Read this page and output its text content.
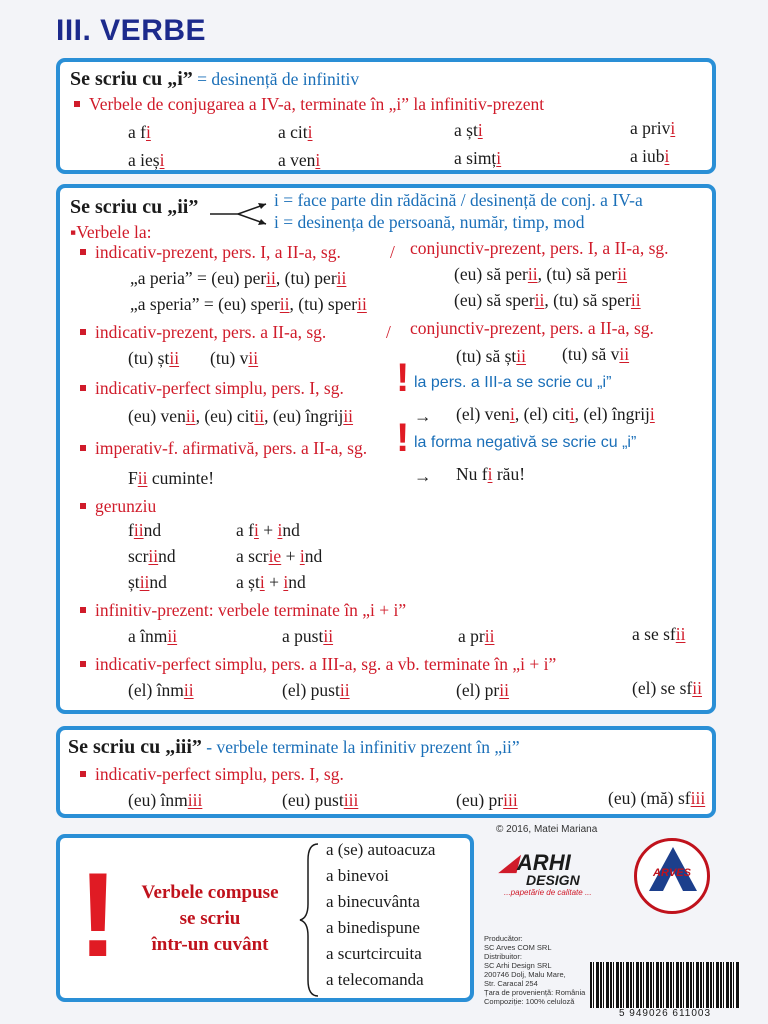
III. VERBE
Se scriu cu „i” = desinență de infinitiv
Verbele de conjugarea a IV-a, terminate în „i” la infinitiv-prezent
a fi	a citi	a ști	a privi
a ieși	a veni	a simți	a iubi
Se scriu cu „ii”	i = face parte din rădăcină / desinență de conj. a IV-a
i = desinența de persoană, număr, timp, mod
▪Verbele la:
indicativ-prezent, pers. I, a II-a, sg.	/ conjunctiv-prezent, pers. I, a II-a, sg.
„a peria” = (eu) perii, (tu) perii	(eu) să perii, (tu) să perii
„a speria” = (eu) sperii, (tu) sperii	(eu) să sperii, (tu) să sperii
indicativ-prezent, pers. a II-a, sg.	/ conjunctiv-prezent, pers. a II-a, sg.
(tu) știi (tu) vii	(tu) să știi (tu) să vii
indicativ-perfect simplu, pers. I, sg. ! la pers. a III-a se scrie cu „i”
(eu) venii, (eu) citii, (eu) îngrijii	→ (el) veni, (el) citi, (el) îngriji
imperativ-f. afirmativă, pers. a II-a, sg. ! la forma negativă se scrie cu „i”
Fii cuminte!	→ Nu fi rău!
gerunziu
fiind	a fi + ind
scriind	a scrie + ind
știind	a ști + ind
infinitiv-prezent: verbele terminate în „i + i”
a înmii	a pustii	a prii	a se sfii
indicativ-perfect simplu, pers. a III-a, sg. a vb. terminate în „i + i”
(el) înmii	(el) pustii	(el) prii	(el) se sfii
Se scriu cu „iii” - verbele terminate la infinitiv prezent în „ii”
indicativ-perfect simplu, pers. I, sg.
(eu) înmiii	(eu) pustiii	(eu) priii	(eu) (mă) sfiii
!	Verbele compuse
se scriu
într-un cuvânt
a (se) autoacuza
a binevoi
a binecuvânta
a binedispune
a scurtcircuita
a telecomanda
© 2016, Matei Mariana
◢ARHI
DESIGN
...papetărie de calitate ...
ARVES
Producător:
SC Arves COM SRL
Distribuitor:
SC Arhi Design SRL
200746 Dolj, Malu Mare,
Str. Caracal 254
Țara de proveniență: România
Compoziție: 100% celuloză
5 949026 611003
